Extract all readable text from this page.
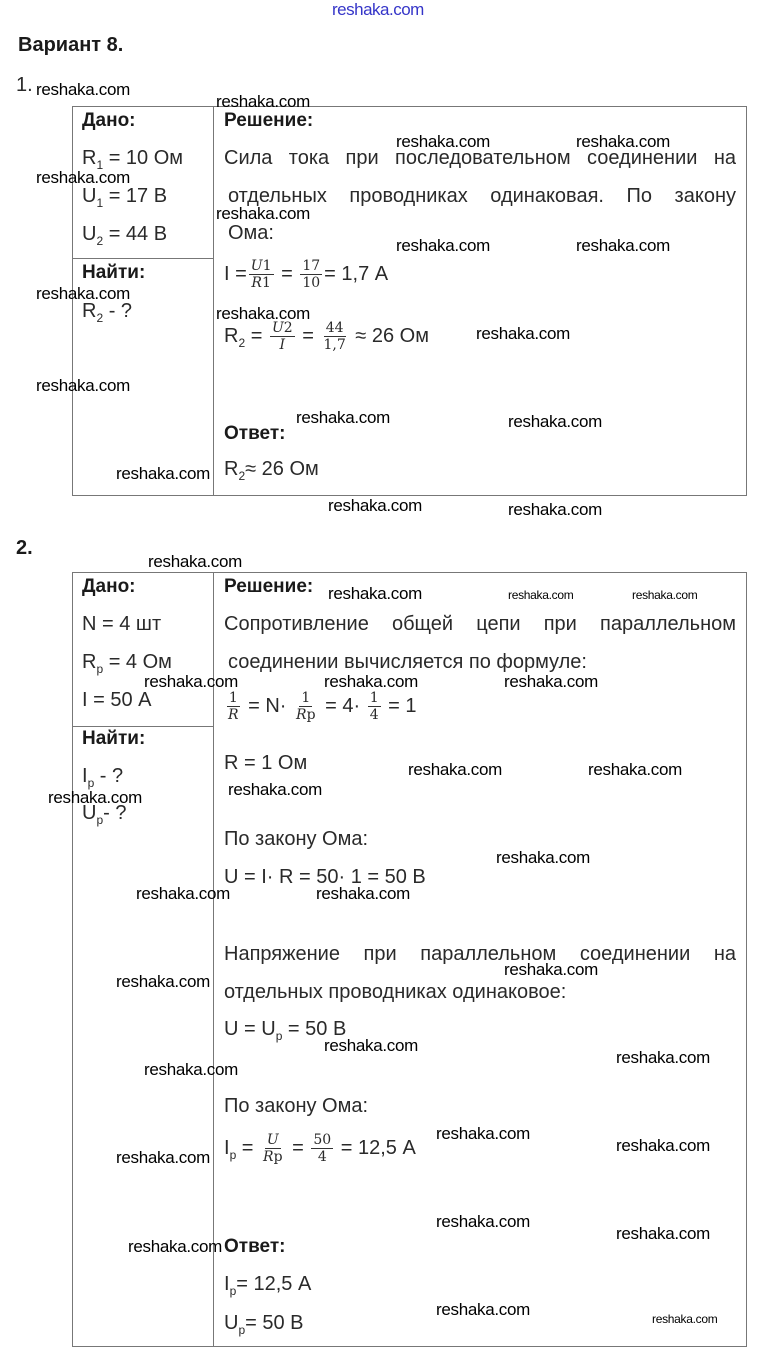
reshaka.com
Вариант 8.
1.
Дано:
$R_1 = 10$ Ом
$U_1 = 17$ В
$U_2 = 44$ В
Найти:
$R_2$ - ?
Решение:
Сила тока при последовательном соединении на
отдельных проводниках одинаковая. По закону
Ома:
$I = \frac{U1}{R1} = \frac{17}{10} = 1,7$ А
$R_2 = \frac{U2}{I} = \frac{44}{1,7} \approx 26$ Ом
Ответ:
$R_2\approx 26$ Ом
2.
Дано:
N = 4 шт
$R_р = 4$ Ом
I = 50 А
Найти:
$I_р$ - ?
$U_р-$ ?
Решение:
Сопротивление общей цепи при параллельном
соединении вычисляется по формуле:
$\frac{1}{R} = N\cdot \frac{1}{Rp} = 4\cdot \frac{1}{4} = 1$
R = 1 Ом
По закону Ома:
U = I· R = 50· 1 = 50 В
Напряжение при параллельном соединении на
отдельных проводниках одинаковое:
$U = U_р = 50$ В
По закону Ома:
$I_р = \frac{U}{Rp} = \frac{50}{4} = 12,5$ А
Ответ:
$I_р= 12,5$ А
$U_р= 50$ В
reshaka.com
reshaka.com
reshaka.com	reshaka.com
reshaka.com
reshaka.com
reshaka.com	reshaka.com
reshaka.com
reshaka.com
reshaka.com
reshaka.com
reshaka.com	reshaka.com
reshaka.com
reshaka.com	reshaka.com
reshaka.com
reshaka.com	reshaka.com	reshaka.com
reshaka.com	reshaka.com	reshaka.com
reshaka.com	reshaka.com
reshaka.com
reshaka.com
reshaka.com
reshaka.com	reshaka.com
reshaka.com
reshaka.com
reshaka.com
reshaka.com
reshaka.com
reshaka.com
reshaka.com
reshaka.com
reshaka.com
reshaka.com
reshaka.com
reshaka.com	reshaka.com
